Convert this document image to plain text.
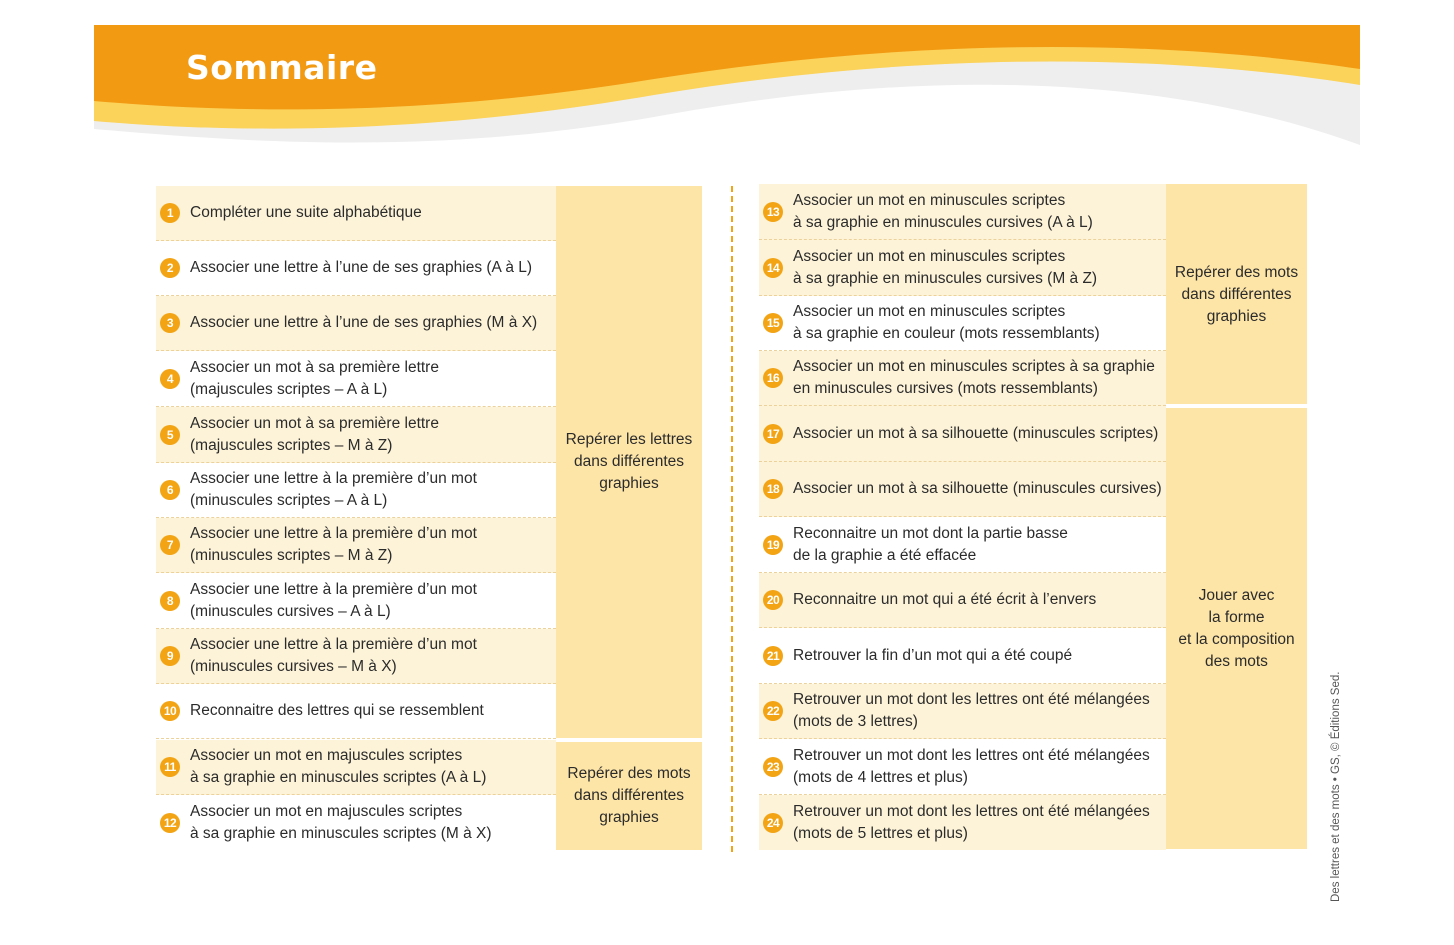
Sommaire
1	Compléter une suite alphabétique
2	Associer une lettre à l’une de ses graphies (A à L)
3	Associer une lettre à l’une de ses graphies (M à X)
4
Associer un mot à sa première lettre
(majuscules scriptes – A à L)
5
Associer un mot à sa première lettre
(majuscules scriptes – M à Z)
6
Associer une lettre à la première d’un mot
(minuscules scriptes – A à L)
7
Associer une lettre à la première d’un mot
(minuscules scriptes – M à Z)
8
Associer une lettre à la première d’un mot
(minuscules cursives – A à L)
9
Associer une lettre à la première d’un mot
(minuscules cursives – M à X)
10 Reconnaitre des lettres qui se ressemblent
11
Associer un mot en majuscules scriptes
à sa graphie en minuscules scriptes (A à L)
12
Associer un mot en majuscules scriptes
à sa graphie en minuscules scriptes (M à X)
Repérer les lettres
dans différentes
graphies
Repérer des mots
dans différentes
graphies
13
Associer un mot en minuscules scriptes
à sa graphie en minuscules cursives (A à L)
14
Associer un mot en minuscules scriptes
à sa graphie en minuscules cursives (M à Z)
15
Associer un mot en minuscules scriptes
à sa graphie en couleur (mots ressemblants)
16
Associer un mot en minuscules scriptes à sa graphie
en minuscules cursives (mots ressemblants)
17 Associer un mot à sa silhouette (minuscules scriptes)
18 Associer un mot à sa silhouette (minuscules cursives)
19
Reconnaitre un mot dont la partie basse
de la graphie a été effacée
20 Reconnaitre un mot qui a été écrit à l’envers
21 Retrouver la fin d’un mot qui a été coupé
22
Retrouver un mot dont les lettres ont été mélangées
(mots de 3 lettres)
23
Retrouver un mot dont les lettres ont été mélangées
(mots de 4 lettres et plus)
24
Retrouver un mot dont les lettres ont été mélangées
(mots de 5 lettres et plus)
Repérer des mots
dans différentes
graphies
Jouer avec
la forme
et la composition
des mots
Des lettres et des mots • GS, © Éditions Sed.
